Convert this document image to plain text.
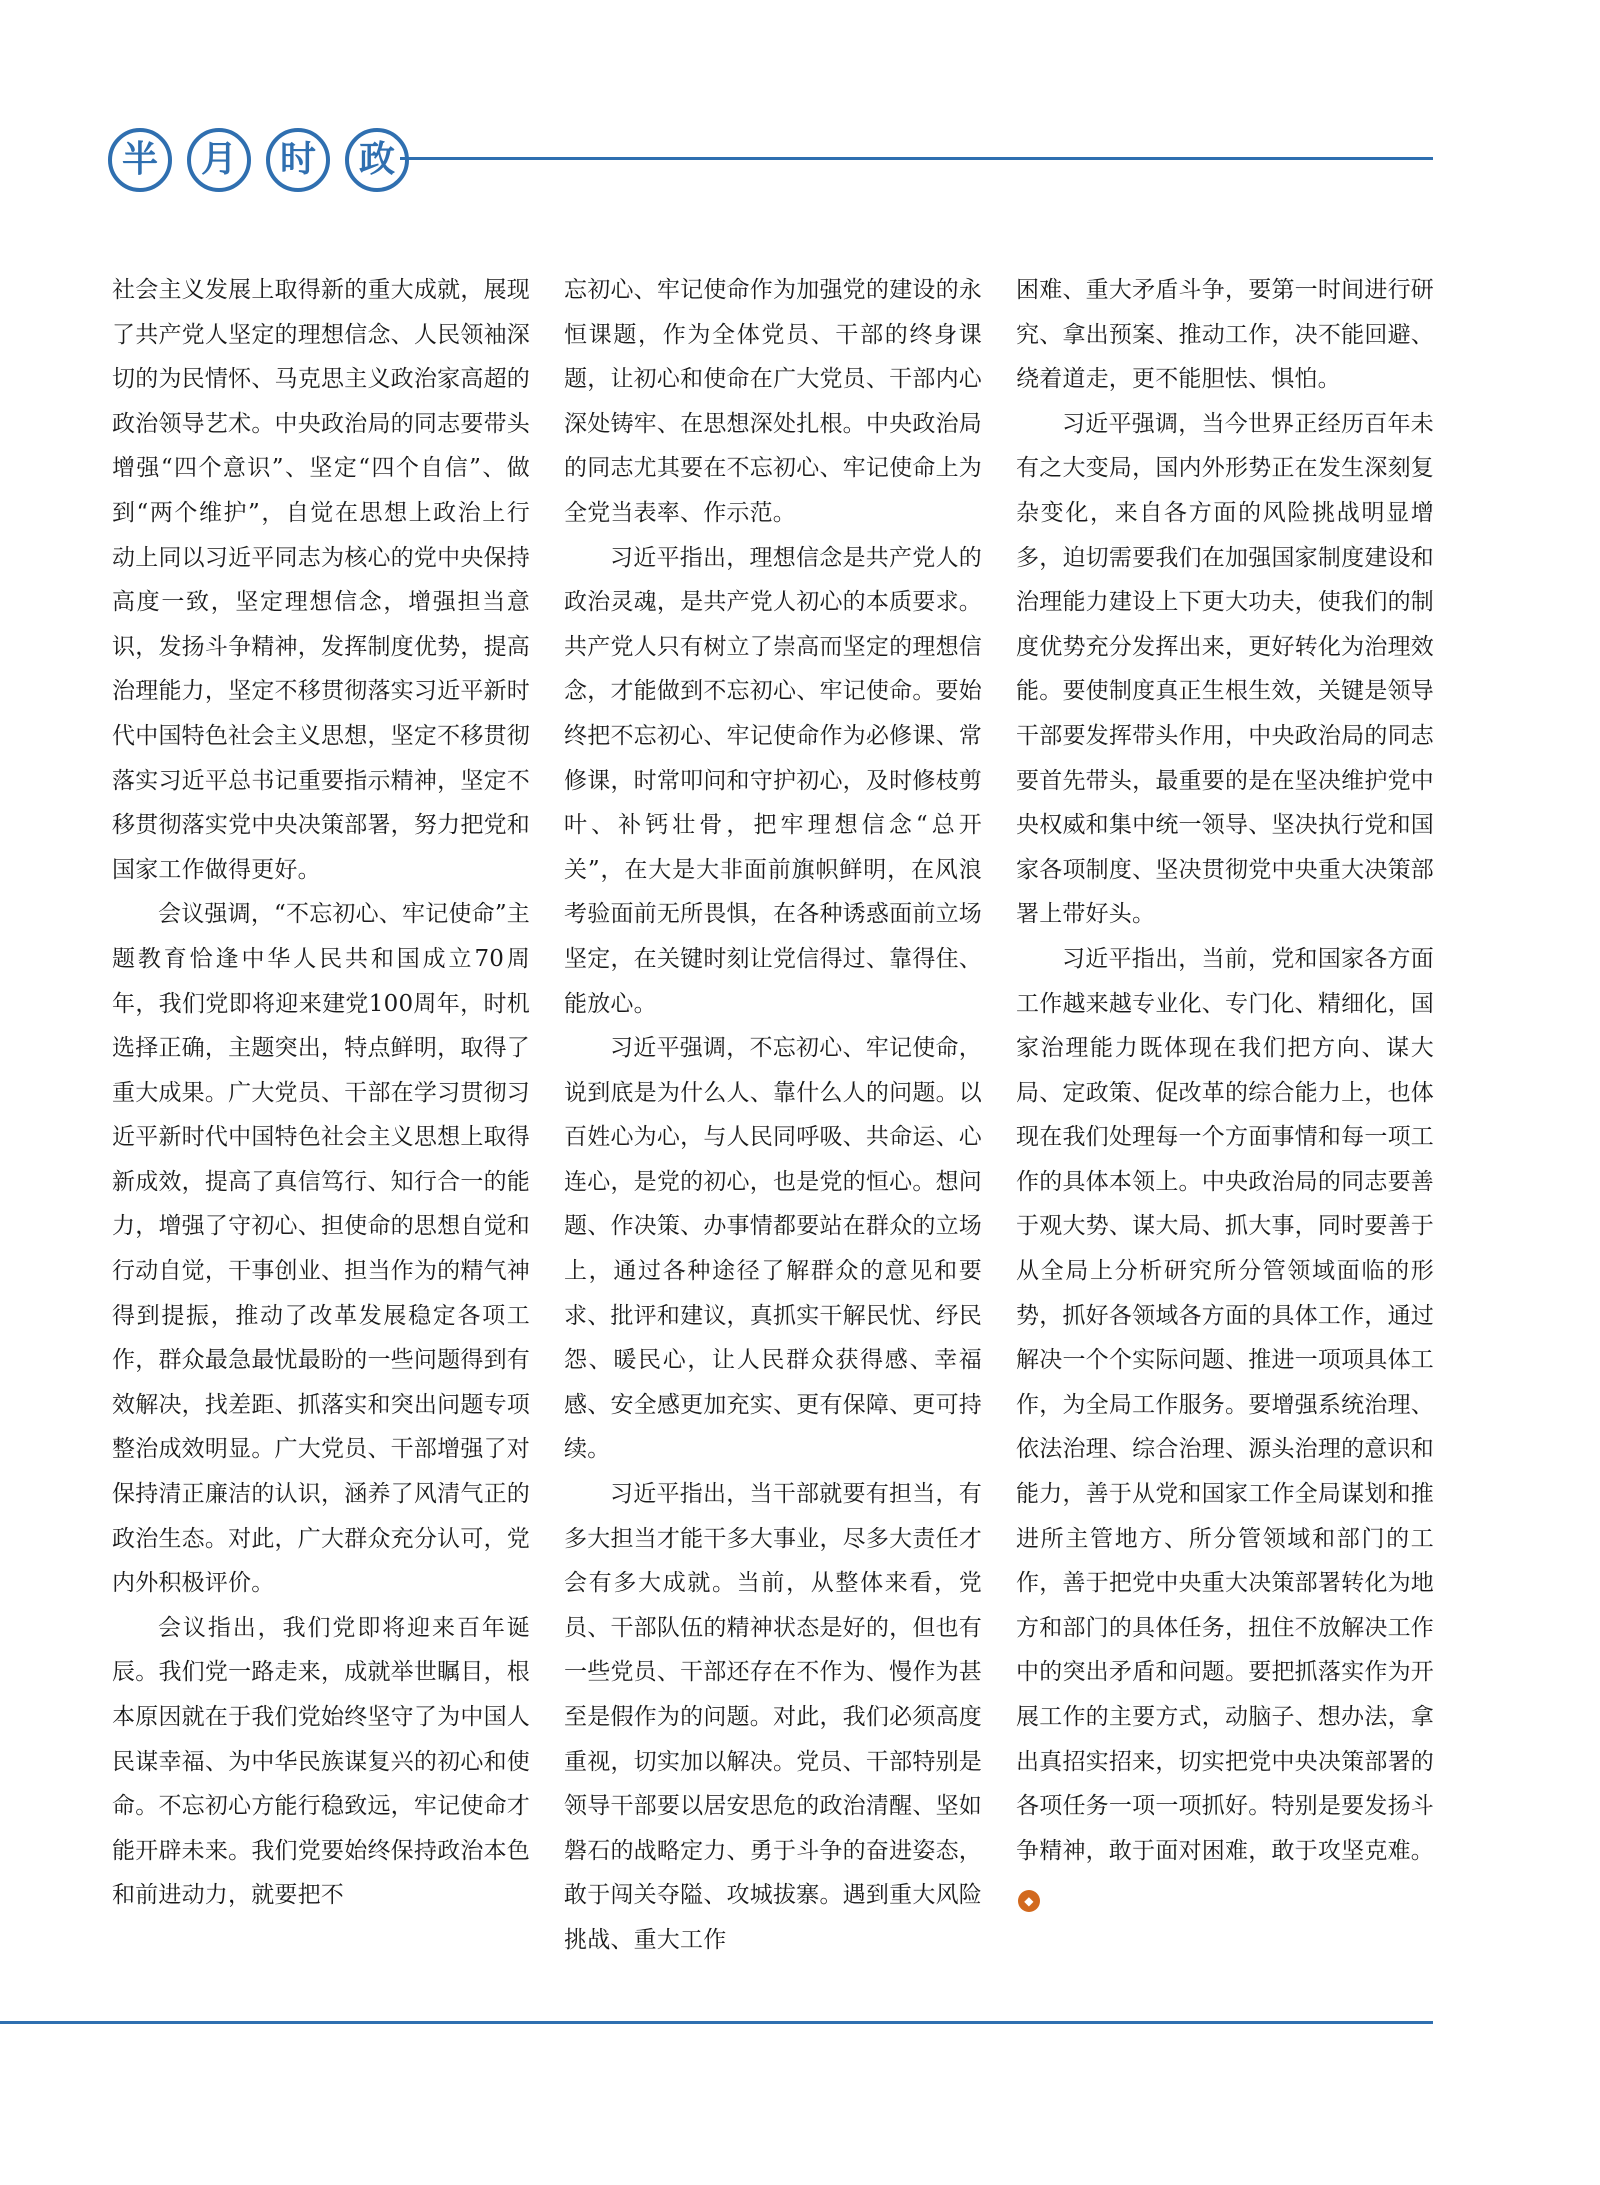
半	月	时	政

社会主义发展上取得新的重大成就，展现了共产党人坚定的理想信念、人民领袖深切的为民情怀、马克思主义政治家高超的政治领导艺术。中央政治局的同志要带头增强“四个意识”、坚定“四个自信”、做到“两个维护”，自觉在思想上政治上行动上同以习近平同志为核心的党中央保持高度一致，坚定理想信念，增强担当意识，发扬斗争精神，发挥制度优势，提高治理能力，坚定不移贯彻落实习近平新时代中国特色社会主义思想，坚定不移贯彻落实习近平总书记重要指示精神，坚定不移贯彻落实党中央决策部署，努力把党和国家工作做得更好。

会议强调，“不忘初心、牢记使命”主题教育恰逢中华人民共和国成立70周年，我们党即将迎来建党100周年，时机选择正确，主题突出，特点鲜明，取得了重大成果。广大党员、干部在学习贯彻习近平新时代中国特色社会主义思想上取得新成效，提高了真信笃行、知行合一的能力，增强了守初心、担使命的思想自觉和行动自觉，干事创业、担当作为的精气神得到提振，推动了改革发展稳定各项工作，群众最急最忧最盼的一些问题得到有效解决，找差距、抓落实和突出问题专项整治成效明显。广大党员、干部增强了对保持清正廉洁的认识，涵养了风清气正的政治生态。对此，广大群众充分认可，党内外积极评价。

会议指出，我们党即将迎来百年诞辰。我们党一路走来，成就举世瞩目，根本原因就在于我们党始终坚守了为中国人民谋幸福、为中华民族谋复兴的初心和使命。不忘初心方能行稳致远，牢记使命才能开辟未来。我们党要始终保持政治本色和前进动力，就要把不

忘初心、牢记使命作为加强党的建设的永恒课题，作为全体党员、干部的终身课题，让初心和使命在广大党员、干部内心深处铸牢、在思想深处扎根。中央政治局的同志尤其要在不忘初心、牢记使命上为全党当表率、作示范。

习近平指出，理想信念是共产党人的政治灵魂，是共产党人初心的本质要求。共产党人只有树立了崇高而坚定的理想信念，才能做到不忘初心、牢记使命。要始终把不忘初心、牢记使命作为必修课、常修课，时常叩问和守护初心，及时修枝剪叶、补钙壮骨，把牢理想信念“总开关”，在大是大非面前旗帜鲜明，在风浪考验面前无所畏惧，在各种诱惑面前立场坚定，在关键时刻让党信得过、靠得住、能放心。

习近平强调，不忘初心、牢记使命，说到底是为什么人、靠什么人的问题。以百姓心为心，与人民同呼吸、共命运、心连心，是党的初心，也是党的恒心。想问题、作决策、办事情都要站在群众的立场上，通过各种途径了解群众的意见和要求、批评和建议，真抓实干解民忧、纾民怨、暖民心，让人民群众获得感、幸福感、安全感更加充实、更有保障、更可持续。

习近平指出，当干部就要有担当，有多大担当才能干多大事业，尽多大责任才会有多大成就。当前，从整体来看，党员、干部队伍的精神状态是好的，但也有一些党员、干部还存在不作为、慢作为甚至是假作为的问题。对此，我们必须高度重视，切实加以解决。党员、干部特别是领导干部要以居安思危的政治清醒、坚如磐石的战略定力、勇于斗争的奋进姿态，敢于闯关夺隘、攻城拔寨。遇到重大风险挑战、重大工作

困难、重大矛盾斗争，要第一时间进行研究、拿出预案、推动工作，决不能回避、绕着道走，更不能胆怯、惧怕。

习近平强调，当今世界正经历百年未有之大变局，国内外形势正在发生深刻复杂变化，来自各方面的风险挑战明显增多，迫切需要我们在加强国家制度建设和治理能力建设上下更大功夫，使我们的制度优势充分发挥出来，更好转化为治理效能。要使制度真正生根生效，关键是领导干部要发挥带头作用，中央政治局的同志要首先带头，最重要的是在坚决维护党中央权威和集中统一领导、坚决执行党和国家各项制度、坚决贯彻党中央重大决策部署上带好头。

习近平指出，当前，党和国家各方面工作越来越专业化、专门化、精细化，国家治理能力既体现在我们把方向、谋大局、定政策、促改革的综合能力上，也体现在我们处理每一个方面事情和每一项工作的具体本领上。中央政治局的同志要善于观大势、谋大局、抓大事，同时要善于从全局上分析研究所分管领域面临的形势，抓好各领域各方面的具体工作，通过解决一个个实际问题、推进一项项具体工作，为全局工作服务。要增强系统治理、依法治理、综合治理、源头治理的意识和能力，善于从党和国家工作全局谋划和推进所主管地方、所分管领域和部门的工作，善于把党中央重大决策部署转化为地方和部门的具体任务，扭住不放解决工作中的突出矛盾和问题。要把抓落实作为开展工作的主要方式，动脑子、想办法，拿出真招实招来，切实把党中央决策部署的各项任务一项一项抓好。特别是要发扬斗争精神，敢于面对困难，敢于攻坚克难。◆
